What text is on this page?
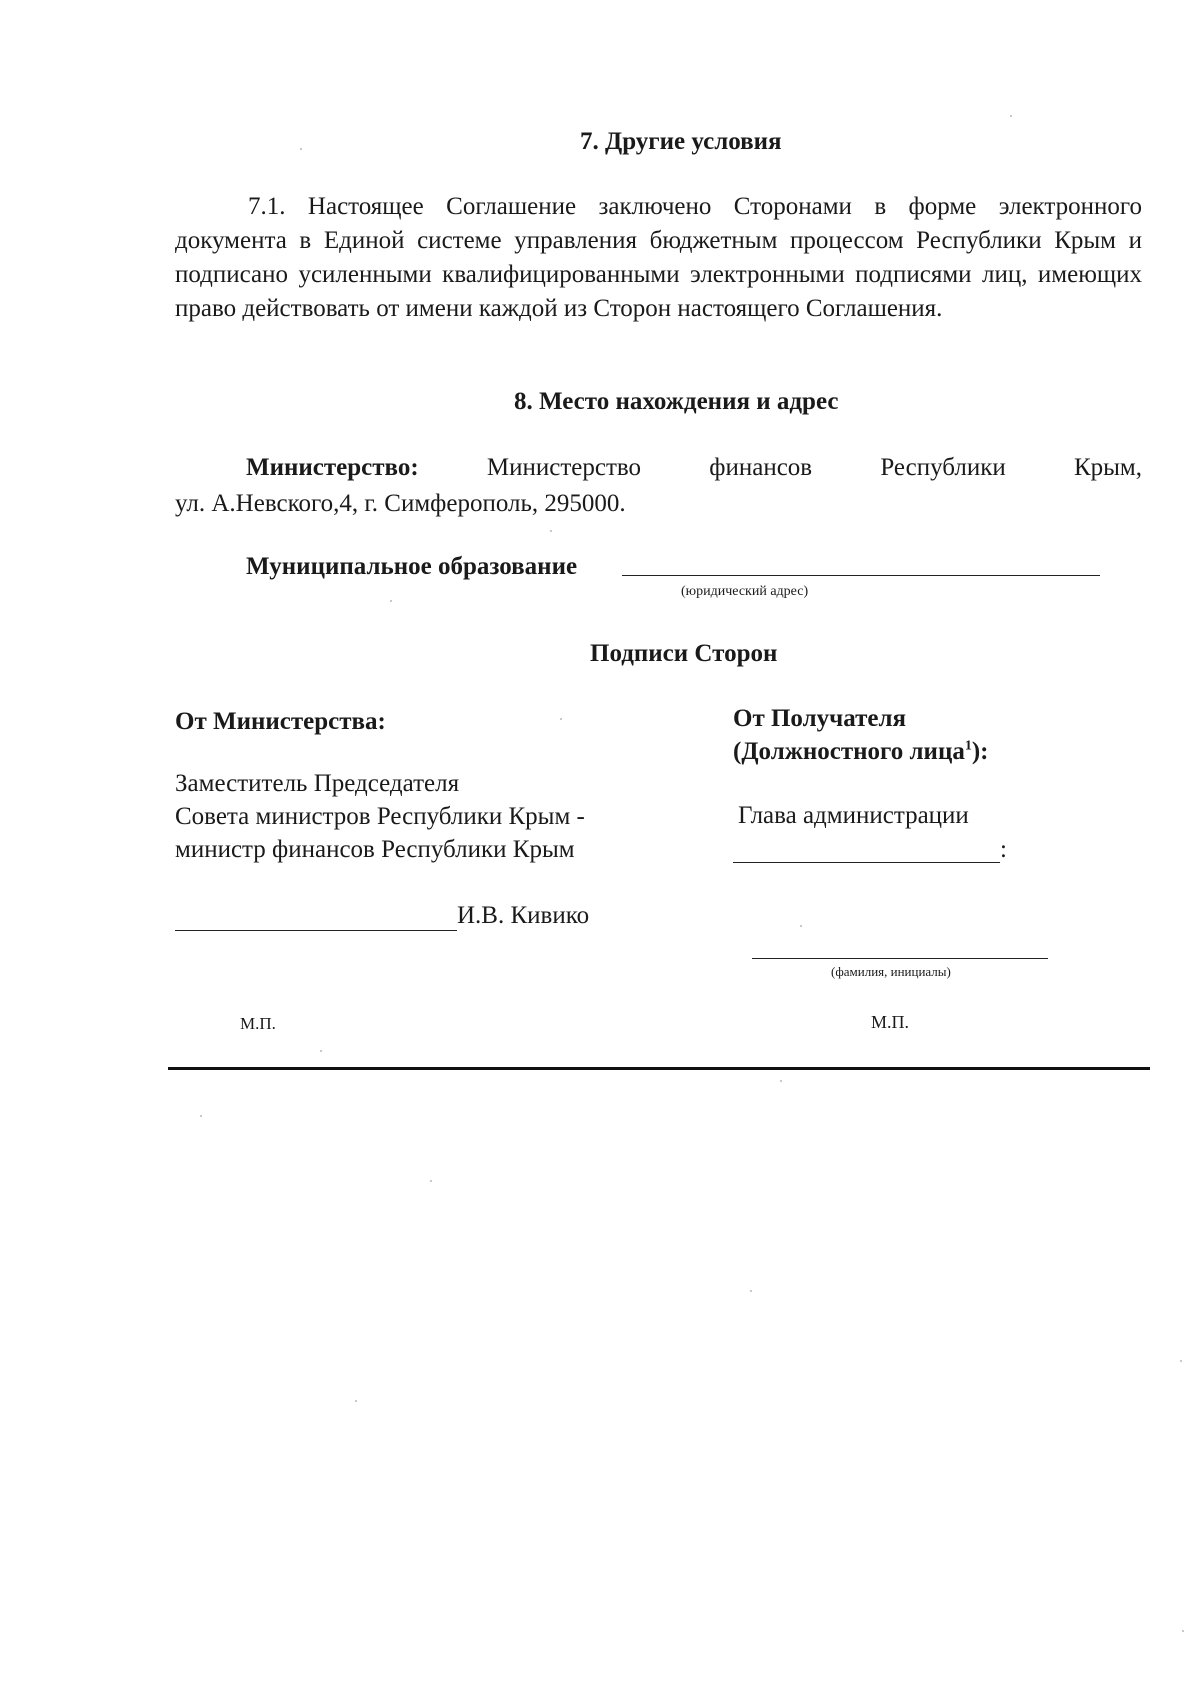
7. Другие условия
7.1. Настоящее Соглашение заключено Сторонами в форме электронного документа в Единой системе управления бюджетным процессом Республики Крым и подписано усиленными квалифицированными электронными подписями лиц, имеющих право действовать от имени каждой из Сторон настоящего Соглашения.
8. Место нахождения и адрес
Министерство:	Министерство	финансов	Республики	Крым,
ул. А.Невского,4, г. Симферополь, 295000.
Муниципальное образование
(юридический адрес)
Подписи Сторон
От Министерства:
Заместитель Председателя
Совета министров Республики Крым -
министр финансов Республики Крым
И.В. Кивико
М.П.
От Получателя
(Должностного лица$^1$):
Глава администрации
:
(фамилия, инициалы)
М.П.
